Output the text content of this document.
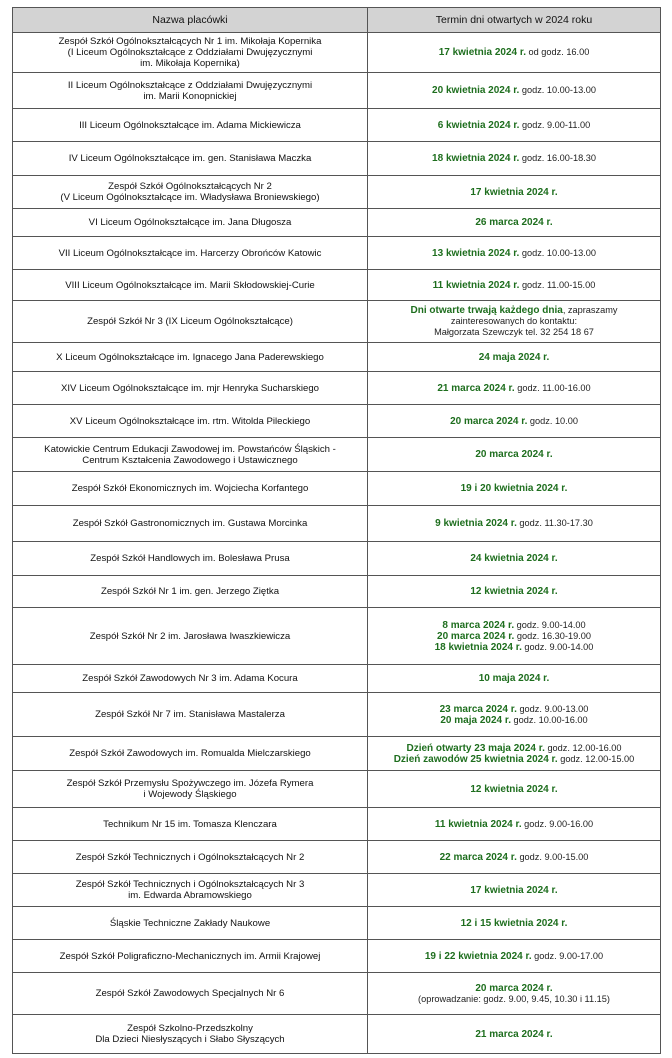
Nazwa placówki	Termin dni otwartych w 2024 roku

Zespół Szkół Ogólnokształcących Nr 1 im. Mikołaja Kopernika
(I Liceum Ogólnokształcące z Oddziałami Dwujęzycznymi
im. Mikołaja Kopernika)	17 kwietnia 2024 r. od godz. 16.00

II Liceum Ogólnokształcące z Oddziałami Dwujęzycznymi
im. Marii Konopnickiej	20 kwietnia 2024 r. godz. 10.00-13.00

III Liceum Ogólnokształcące im. Adama Mickiewicza	6 kwietnia 2024 r. godz. 9.00-11.00

IV Liceum Ogólnokształcące im. gen. Stanisława Maczka	18 kwietnia 2024 r. godz. 16.00-18.30

Zespół Szkół Ogólnokształcących Nr 2
(V Liceum Ogólnokształcące im. Władysława Broniewskiego)	17 kwietnia 2024 r.

VI Liceum Ogólnokształcące im. Jana Długosza	26 marca 2024 r.

VII Liceum Ogólnokształcące im. Harcerzy Obrońców Katowic	13 kwietnia 2024 r. godz. 10.00-13.00

VIII Liceum Ogólnokształcące im. Marii Skłodowskiej-Curie	11 kwietnia 2024 r. godz. 11.00-15.00

Zespół Szkół Nr 3 (IX Liceum Ogólnokształcące)	Dni otwarte trwają każdego dnia, zapraszamy
zainteresowanych do kontaktu:
Małgorzata Szewczyk tel. 32 254 18 67

X Liceum Ogólnokształcące im. Ignacego Jana Paderewskiego	24 maja 2024 r.

XIV Liceum Ogólnokształcące im. mjr Henryka Sucharskiego	21 marca 2024 r. godz. 11.00-16.00

XV Liceum Ogólnokształcące im. rtm. Witolda Pileckiego	20 marca 2024 r. godz. 10.00

Katowickie Centrum Edukacji Zawodowej im. Powstańców Śląskich -
Centrum Kształcenia Zawodowego i Ustawicznego	20 marca 2024 r.

Zespół Szkół Ekonomicznych im. Wojciecha Korfantego	19 i 20 kwietnia 2024 r.

Zespół Szkół Gastronomicznych im. Gustawa Morcinka	9 kwietnia 2024 r. godz. 11.30-17.30

Zespół Szkół Handlowych im. Bolesława Prusa	24 kwietnia 2024 r.

Zespół Szkół Nr 1 im. gen. Jerzego Ziętka	12 kwietnia 2024 r.

Zespół Szkół Nr 2 im. Jarosława Iwaszkiewicza	8 marca 2024 r. godz. 9.00-14.00
20 marca 2024 r. godz. 16.30-19.00
18 kwietnia 2024 r. godz. 9.00-14.00

Zespół Szkół Zawodowych Nr 3 im. Adama Kocura	10 maja 2024 r.

Zespół Szkół Nr 7 im. Stanisława Mastalerza	23 marca 2024 r. godz. 9.00-13.00
20 maja 2024 r. godz. 10.00-16.00

Zespół Szkół Zawodowych im. Romualda Mielczarskiego	Dzień otwarty 23 maja 2024 r. godz. 12.00-16.00
Dzień zawodów 25 kwietnia 2024 r. godz. 12.00-15.00

Zespół Szkół Przemysłu Spożywczego im. Józefa Rymera
i Wojewody Śląskiego	12 kwietnia 2024 r.

Technikum Nr 15 im. Tomasza Klenczara	11 kwietnia 2024 r. godz. 9.00-16.00

Zespół Szkół Technicznych i Ogólnokształcących Nr 2	22 marca 2024 r. godz. 9.00-15.00

Zespół Szkół Technicznych i Ogólnokształcących Nr 3
im. Edwarda Abramowskiego	17 kwietnia 2024 r.

Śląskie Techniczne Zakłady Naukowe	12 i 15 kwietnia 2024 r.

Zespół Szkół Poligraficzno-Mechanicznych im. Armii Krajowej	19 i 22 kwietnia 2024 r. godz. 9.00-17.00

Zespół Szkół Zawodowych Specjalnych Nr 6	20 marca 2024 r.
(oprowadzanie: godz. 9.00, 9.45, 10.30 i 11.15)

Zespół Szkolno-Przedszkolny
Dla Dzieci Niesłyszących i Słabo Słyszących	21 marca 2024 r.
